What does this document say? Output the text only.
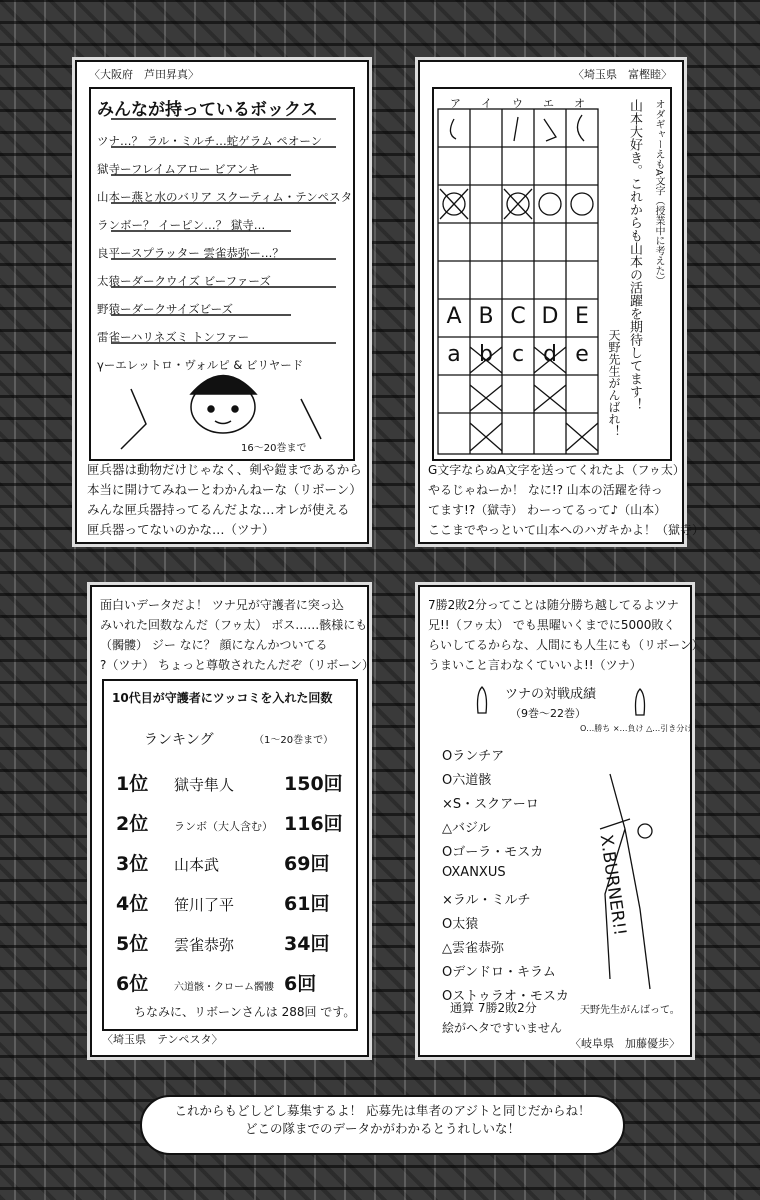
〈大阪府　芦田昇真〉
みんなが持っているボックス
ツナ…？ ラル・ミルチ…蛇ゲラム ペオーン
獄寺ーフレイムアロー ビアンキ
山本ー燕と水のバリア スクーティム・テンペスタ
ランボー？ イーピン…？ 獄寺…
良平ースプラッター 雲雀恭弥ー…？
太猿ーダークウイズ ビーファーズ
野猿ーダークサイズビーズ
雷雀ーハリネズミ トンファー
γーエレットロ・ヴォルピ & ビリヤード
16〜20巻まで
匣兵器は動物だけじゃなく、剣や鎧まであるから
本当に開けてみねーとわかんねーな（リボーン）
みんな匣兵器持ってるんだよな…オレが使える
匣兵器ってないのかな…（ツナ）
〈埼玉県　富樫睦〉
ア イ ウ エ オ
A B C D E
a b c d e	山本大好き。これからも山本の活躍を期待してます！
天野先生がんばれ！
オダギャーえもA文字（授業中に考えた）
G文字ならぬA文字を送ってくれたよ（フゥ太）
やるじゃねーか！ なに!? 山本の活躍を待っ
てます!?（獄寺） わーってるって♪（山本）
ここまでやっといて山本へのハガキかよ！（獄寺）
面白いデータだよ！ ツナ兄が守護者に突っ込
みいれた回数なんだ（フゥ太） ボス……骸様にも
（髑髏） ジー なに？ 顔になんかついてる
?（ツナ） ちょっと尊敬されたんだぞ（リボーン）
10代目が守護者にツッコミを入れた回数
ランキング	（1〜20巻まで）
1位 獄寺隼人	150回
2位 ランボ（大人含む） 116回
3位 山本武	69回
4位 笹川了平	61回
5位 雲雀恭弥	34回
6位	六道骸・クローム髑髏 6回
ちなみに、リボーンさんは 288回 です。
〈埼玉県　テンペスタ〉
7勝2敗2分ってことは随分勝ち越してるよツナ
兄!!（フゥ太） でも黒曜いくまでに5000敗く
らいしてるからな、人間にも人生にも（リボーン）
うまいこと言わなくていいよ!!（ツナ）
ツナの対戦成績
（9巻〜22巻）
O…勝ち ×…負け △…引き分け
Oランチア
O六道骸
×S・スクアーロ
△バジル
Oゴーラ・モスカ
OXANXUS
×ラル・ミルチ
O太猿
△雲雀恭弥
Oデンドロ・キラム
Oストゥラオ・モスカ
X.BURNER!!
通算 7勝2敗2分	天野先生がんばって。
絵がヘタですいません
〈岐阜県　加藤優歩〉
これからもどしどし募集するよ！ 応募先は隼者のアジトと同じだからね！
どこの隊までのデータかがわかるとうれしいな！
